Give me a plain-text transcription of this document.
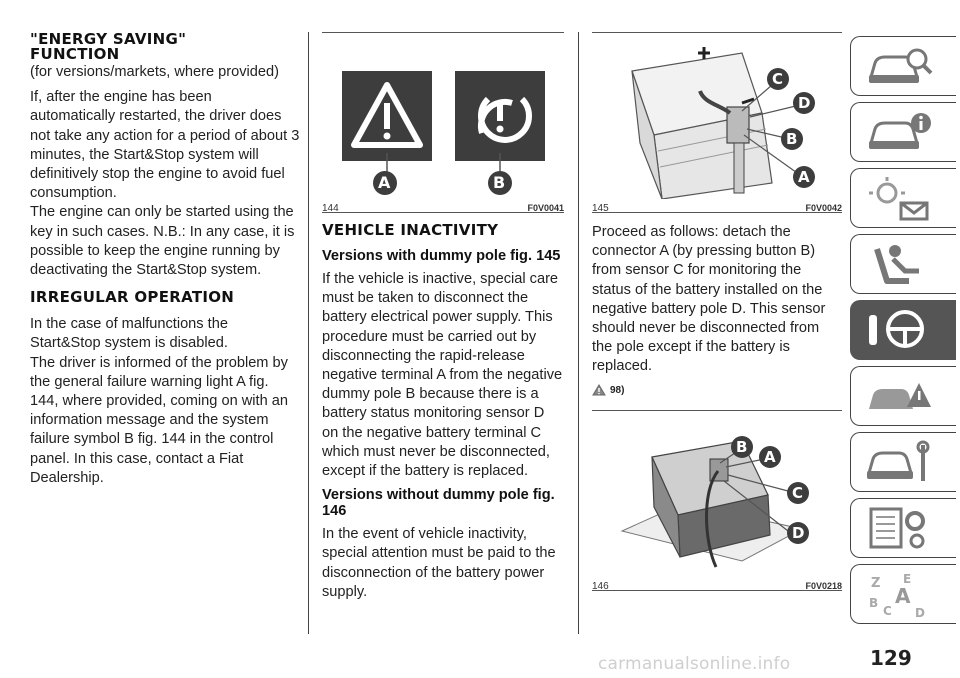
"ENERGY SAVING"
FUNCTION

(for versions/markets, where provided)

If, after the engine has been automatically restarted, the driver does not take any action for a period of about 3 minutes, the Start&Stop system will definitively stop the engine to avoid fuel consumption.

The engine can only be started using the key in such cases. N.B.: In any case, it is possible to keep the engine running by deactivating the Start&Stop system.

IRREGULAR OPERATION

In the case of malfunctions the Start&Stop system is disabled.

The driver is informed of the problem by the general failure warning light A fig. 144, where provided, coming on with an information message and the system failure symbol B fig. 144 in the control panel. In this case, contact a Fiat Dealership.

A	B
144	F0V0041
VEHICLE INACTIVITY
Versions with dummy pole fig. 145

If the vehicle is inactive, special care must be taken to disconnect the battery electrical power supply. This procedure must be carried out by disconnecting the rapid-release negative terminal A from the negative dummy pole B because there is a battery status monitoring sensor D on the negative battery terminal C which must never be disconnected, except if the battery is replaced.

Versions without dummy pole fig. 146

In the event of vehicle inactivity, special attention must be paid to the disconnection of the battery power supply.

C
D
B
A
145	F0V0042

Proceed as follows: detach the connector A (by pressing button B) from sensor C for monitoring the status of the battery installed on the negative battery pole D. This sensor should never be disconnected from the pole except if the battery is replaced.

98)
B
A
C
D
146	F0V0218 Z E
B A
C D
carmanualsonline.info	129
